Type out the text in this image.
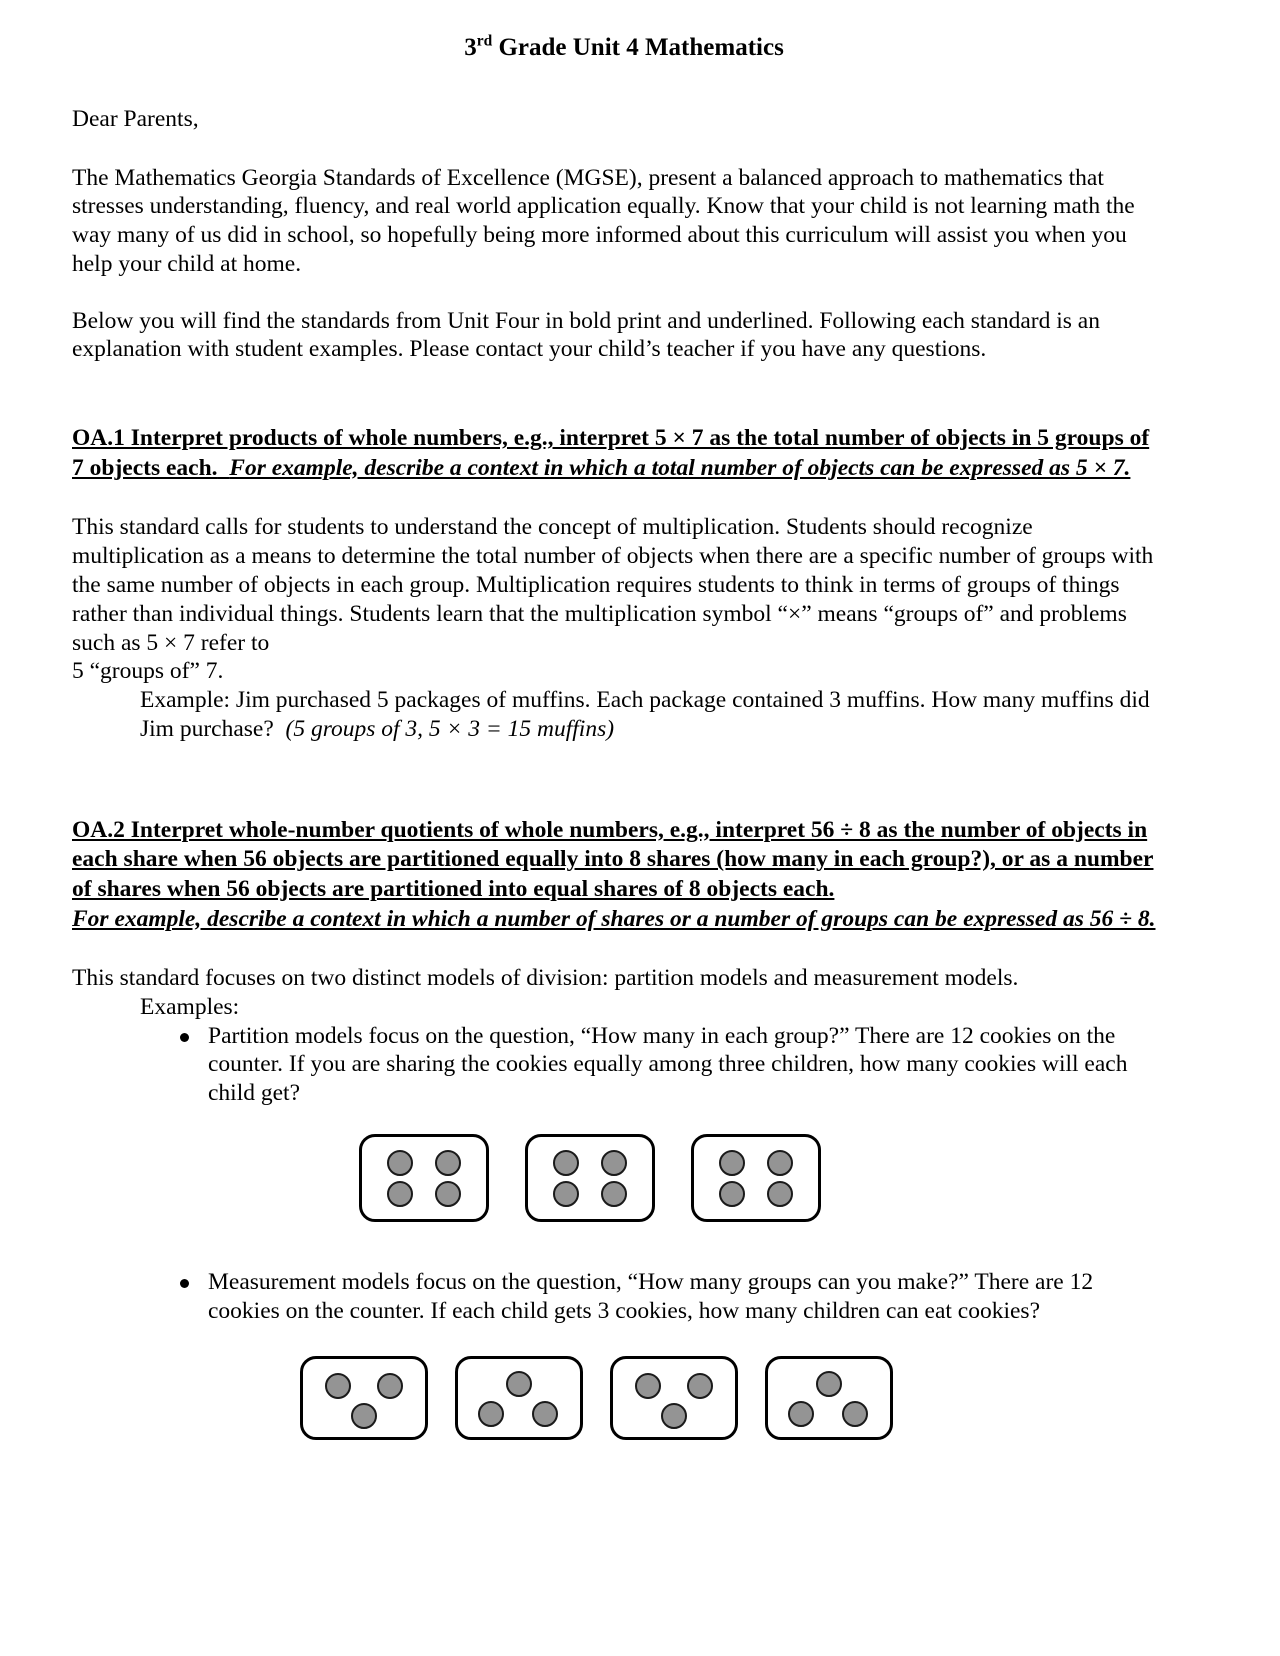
3rd Grade Unit 4 Mathematics

Dear Parents,

The Mathematics Georgia Standards of Excellence (MGSE), present a balanced approach to mathematics that stresses understanding, fluency, and real world application equally. Know that your child is not learning math the way many of us did in school, so hopefully being more informed about this curriculum will assist you when you help your child at home.

Below you will find the standards from Unit Four in bold print and underlined. Following each standard is an explanation with student examples. Please contact your child’s teacher if you have any questions.

OA.1 Interpret products of whole numbers, e.g., interpret 5 × 7 as the total number of objects in 5 groups of 7 objects each. For example, describe a context in which a total number of objects can be expressed as 5 × 7.

This standard calls for students to understand the concept of multiplication. Students should recognize multiplication as a means to determine the total number of objects when there are a specific number of groups with the same number of objects in each group. Multiplication requires students to think in terms of groups of things rather than individual things. Students learn that the multiplication symbol “×” means “groups of” and problems such as 5 × 7 refer to

5 “groups of” 7.

Example: Jim purchased 5 packages of muffins. Each package contained 3 muffins. How many muffins did Jim purchase? (5 groups of 3, 5 × 3 = 15 muffins)

OA.2 Interpret whole-number quotients of whole numbers, e.g., interpret 56 ÷ 8 as the number of objects in each share when 56 objects are partitioned equally into 8 shares (how many in each group?), or as a number of shares when 56 objects are partitioned into equal shares of 8 objects each.

For example, describe a context in which a number of shares or a number of groups can be expressed as 56 ÷ 8.

This standard focuses on two distinct models of division: partition models and measurement models.

Examples:

Partition models focus on the question, “How many in each group?” There are 12 cookies on the counter. If you are sharing the cookies equally among three children, how many cookies will each child get?
Measurement models focus on the question, “How many groups can you make?” There are 12 cookies on the counter. If each child gets 3 cookies, how many children can eat cookies?
